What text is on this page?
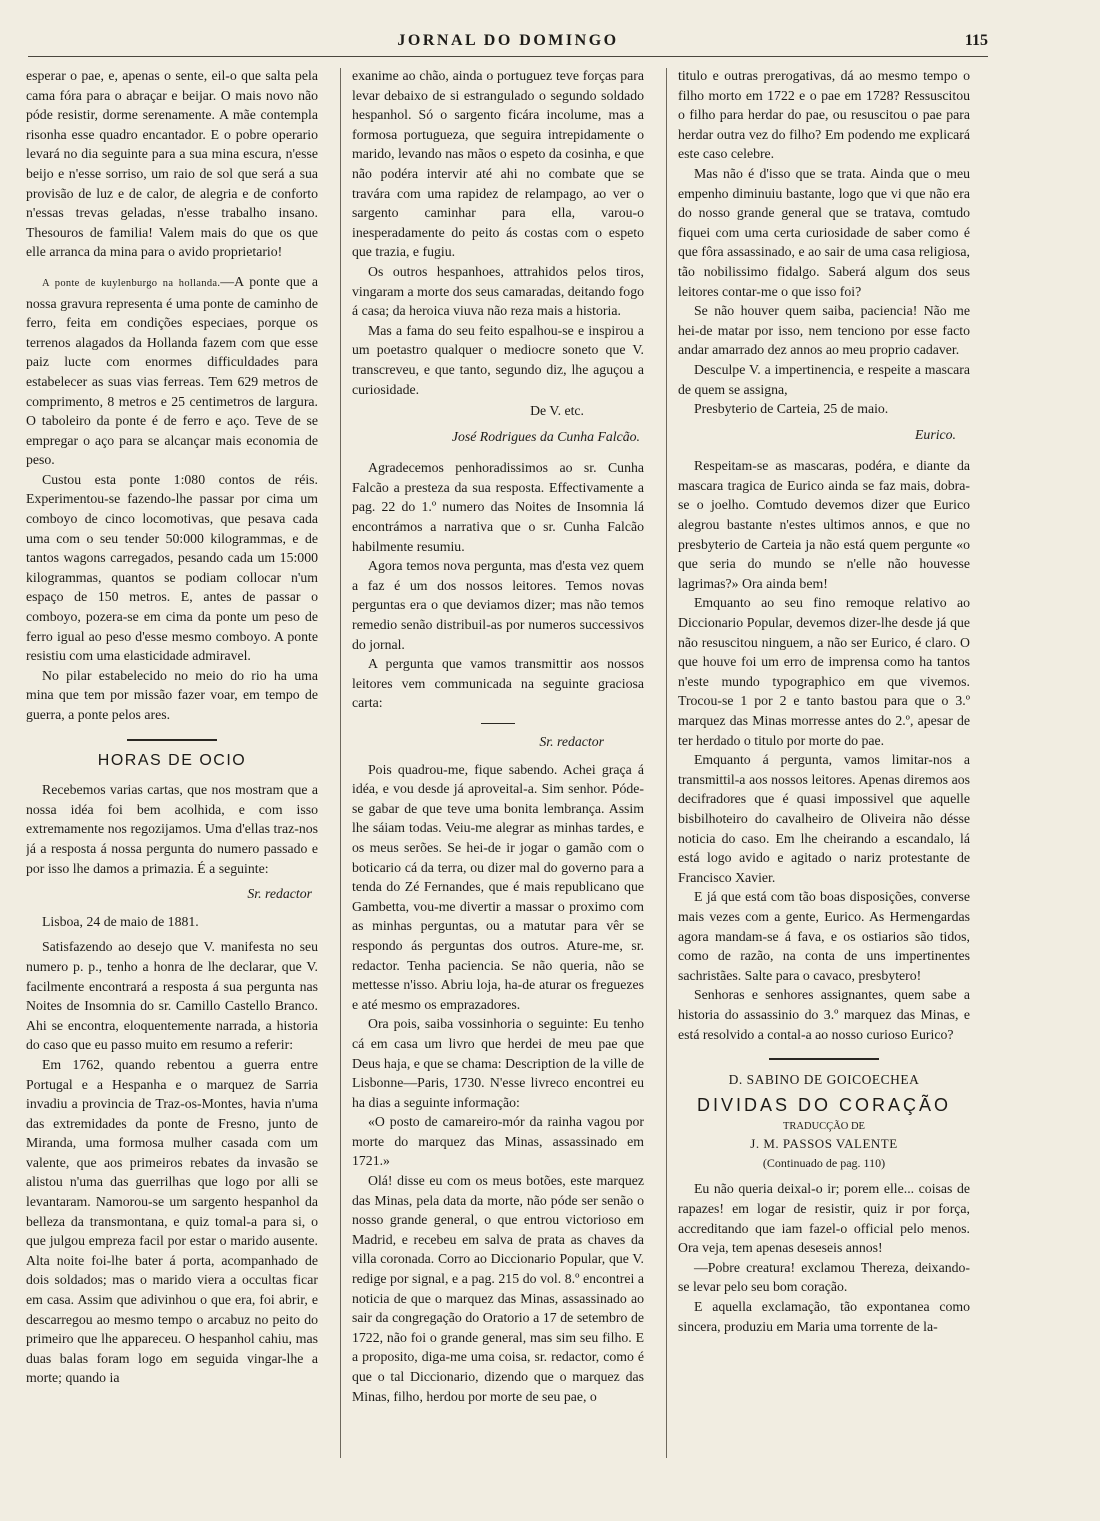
JORNAL DO DOMINGO	115

esperar o pae, e, apenas o sente, eil-o que salta pela cama fóra para o abraçar e beijar. O mais novo não póde resistir, dorme serenamente. A mãe contempla risonha esse quadro encantador. E o pobre operario levará no dia seguinte para a sua mina escura, n'esse beijo e n'esse sorriso, um raio de sol que será a sua provisão de luz e de calor, de alegria e de conforto n'essas trevas geladas, n'esse trabalho insano. Thesouros de familia! Valem mais do que os que elle arranca da mina para o avido proprietario!

A ponte de kuylenburgo na hollanda.—A ponte que a nossa gravura representa é uma ponte de caminho de ferro, feita em condições especiaes, porque os terrenos alagados da Hollanda fazem com que esse paiz lucte com enormes difficuldades para estabelecer as suas vias ferreas. Tem 629 metros de comprimento, 8 metros e 25 centimetros de largura. O taboleiro da ponte é de ferro e aço. Teve de se empregar o aço para se alcançar mais economia de peso.

Custou esta ponte 1:080 contos de réis. Experimentou-se fazendo-lhe passar por cima um comboyo de cinco locomotivas, que pesava cada uma com o seu tender 50:000 kilogrammas, e de tantos wagons carregados, pesando cada um 15:000 kilogrammas, quantos se podiam collocar n'um espaço de 150 metros. E, antes de passar o comboyo, pozera-se em cima da ponte um peso de ferro igual ao peso d'esse mesmo comboyo. A ponte resistiu com uma elasticidade admiravel.

No pilar estabelecido no meio do rio ha uma mina que tem por missão fazer voar, em tempo de guerra, a ponte pelos ares.

HORAS DE OCIO

Recebemos varias cartas, que nos mostram que a nossa idéa foi bem acolhida, e com isso extremamente nos regozijamos. Uma d'ellas traz-nos já a resposta á nossa pergunta do numero passado e por isso lhe damos a primazia. É a seguinte:

Sr. redactor

Lisboa, 24 de maio de 1881.

Satisfazendo ao desejo que V. manifesta no seu numero p. p., tenho a honra de lhe declarar, que V. facilmente encontrará a resposta á sua pergunta nas Noites de Insomnia do sr. Camillo Castello Branco. Ahi se encontra, eloquentemente narrada, a historia do caso que eu passo muito em resumo a referir:

Em 1762, quando rebentou a guerra entre Portugal e a Hespanha e o marquez de Sarria invadiu a provincia de Traz-os-Montes, havia n'uma das extremidades da ponte de Fresno, junto de Miranda, uma formosa mulher casada com um valente, que aos primeiros rebates da invasão se alistou n'uma das guerrilhas que logo por alli se levantaram. Namorou-se um sargento hespanhol da belleza da transmontana, e quiz tomal-a para si, o que julgou empreza facil por estar o marido ausente. Alta noite foi-lhe bater á porta, acompanhado de dois soldados; mas o marido viera a occultas ficar em casa. Assim que adivinhou o que era, foi abrir, e descarregou ao mesmo tempo o arcabuz no peito do primeiro que lhe appareceu. O hespanhol cahiu, mas duas balas foram logo em seguida vingar-lhe a morte; quando ia

exanime ao chão, ainda o portuguez teve forças para levar debaixo de si estrangulado o segundo soldado hespanhol. Só o sargento ficára incolume, mas a formosa portugueza, que seguira intrepidamente o marido, levando nas mãos o espeto da cosinha, e que não podéra intervir até ahi no combate que se travára com uma rapidez de relampago, ao ver o sargento caminhar para ella, varou-o inesperadamente do peito ás costas com o espeto que trazia, e fugiu.

Os outros hespanhoes, attrahidos pelos tiros, vingaram a morte dos seus camaradas, deitando fogo á casa; da heroica viuva não reza mais a historia.

Mas a fama do seu feito espalhou-se e inspirou a um poetastro qualquer o mediocre soneto que V. transcreveu, e que tanto, segundo diz, lhe aguçou a curiosidade.

De V. etc.
José Rodrigues da Cunha Falcão.

Agradecemos penhoradissimos ao sr. Cunha Falcão a presteza da sua resposta. Effectivamente a pag. 22 do 1.º numero das Noites de Insomnia lá encontrámos a narrativa que o sr. Cunha Falcão habilmente resumiu.

Agora temos nova pergunta, mas d'esta vez quem a faz é um dos nossos leitores. Temos novas perguntas era o que deviamos dizer; mas não temos remedio senão distribuil-as por numeros successivos do jornal.

A pergunta que vamos transmittir aos nossos leitores vem communicada na seguinte graciosa carta:

Sr. redactor

Pois quadrou-me, fique sabendo. Achei graça á idéa, e vou desde já aproveital-a. Sim senhor. Póde-se gabar de que teve uma bonita lembrança. Assim lhe sáiam todas. Veiu-me alegrar as minhas tardes, e os meus serões. Se hei-de ir jogar o gamão com o boticario cá da terra, ou dizer mal do governo para a tenda do Zé Fernandes, que é mais republicano que Gambetta, vou-me divertir a massar o proximo com as minhas perguntas, ou a matutar para vêr se respondo ás perguntas dos outros. Ature-me, sr. redactor. Tenha paciencia. Se não queria, não se mettesse n'isso. Abriu loja, ha-de aturar os freguezes e até mesmo os emprazadores.

Ora pois, saiba vossinhoria o seguinte: Eu tenho cá em casa um livro que herdei de meu pae que Deus haja, e que se chama: Description de la ville de Lisbonne—Paris, 1730. N'esse livreco encontrei eu ha dias a seguinte informação:

«O posto de camareiro-mór da rainha vagou por morte do marquez das Minas, assassinado em 1721.»

Olá! disse eu com os meus botões, este marquez das Minas, pela data da morte, não póde ser senão o nosso grande general, o que entrou victorioso em Madrid, e recebeu em salva de prata as chaves da villa coronada. Corro ao Diccionario Popular, que V. redige por signal, e a pag. 215 do vol. 8.º encontrei a noticia de que o marquez das Minas, assassinado ao sair da congregação do Oratorio a 17 de setembro de 1722, não foi o grande general, mas sim seu filho. E a proposito, diga-me uma coisa, sr. redactor, como é que o tal Diccionario, dizendo que o marquez das Minas, filho, herdou por morte de seu pae, o

titulo e outras prerogativas, dá ao mesmo tempo o filho morto em 1722 e o pae em 1728? Ressuscitou o filho para herdar do pae, ou resuscitou o pae para herdar outra vez do filho? Em podendo me explicará este caso celebre.

Mas não é d'isso que se trata. Ainda que o meu empenho diminuiu bastante, logo que vi que não era do nosso grande general que se tratava, comtudo fiquei com uma certa curiosidade de saber como é que fôra assassinado, e ao sair de uma casa religiosa, tão nobilissimo fidalgo. Saberá algum dos seus leitores contar-me o que isso foi?

Se não houver quem saiba, paciencia! Não me hei-de matar por isso, nem tenciono por esse facto andar amarrado dez annos ao meu proprio cadaver.

Desculpe V. a impertinencia, e respeite a mascara de quem se assigna,

Presbyterio de Carteia, 25 de maio.

Eurico.

Respeitam-se as mascaras, podéra, e diante da mascara tragica de Eurico ainda se faz mais, dobra-se o joelho. Comtudo devemos dizer que Eurico alegrou bastante n'estes ultimos annos, e que no presbyterio de Carteia ja não está quem pergunte «o que seria do mundo se n'elle não houvesse lagrimas?» Ora ainda bem!

Emquanto ao seu fino remoque relativo ao Diccionario Popular, devemos dizer-lhe desde já que não resuscitou ninguem, a não ser Eurico, é claro. O que houve foi um erro de imprensa como ha tantos n'este mundo typographico em que vivemos. Trocou-se 1 por 2 e tanto bastou para que o 3.º marquez das Minas morresse antes do 2.º, apesar de ter herdado o titulo por morte do pae.

Emquanto á pergunta, vamos limitar-nos a transmittil-a aos nossos leitores. Apenas diremos aos decifradores que é quasi impossivel que aquelle bisbilhoteiro do cavalheiro de Oliveira não désse noticia do caso. Em lhe cheirando a escandalo, lá está logo avido e agitado o nariz protestante de Francisco Xavier.

E já que está com tão boas disposições, converse mais vezes com a gente, Eurico. As Hermengardas agora mandam-se á fava, e os ostiarios são tidos, como de razão, na conta de uns impertinentes sachristães. Salte para o cavaco, presbytero!

Senhoras e senhores assignantes, quem sabe a historia do assassinio do 3.º marquez das Minas, e está resolvido a contal-a ao nosso curioso Eurico?

D. SABINO DE GOICOECHEA
DIVIDAS DO CORAÇÃO
TRADUCÇÃO DE
J. M. PASSOS VALENTE
(Continuado de pag. 110)

Eu não queria deixal-o ir; porem elle... coisas de rapazes! em logar de resistir, quiz ir por força, accreditando que iam fazel-o official pelo menos. Ora veja, tem apenas deseseis annos!

—Pobre creatura! exclamou Thereza, deixando-se levar pelo seu bom coração.

E aquella exclamação, tão expontanea como sincera, produziu em Maria uma torrente de la-
